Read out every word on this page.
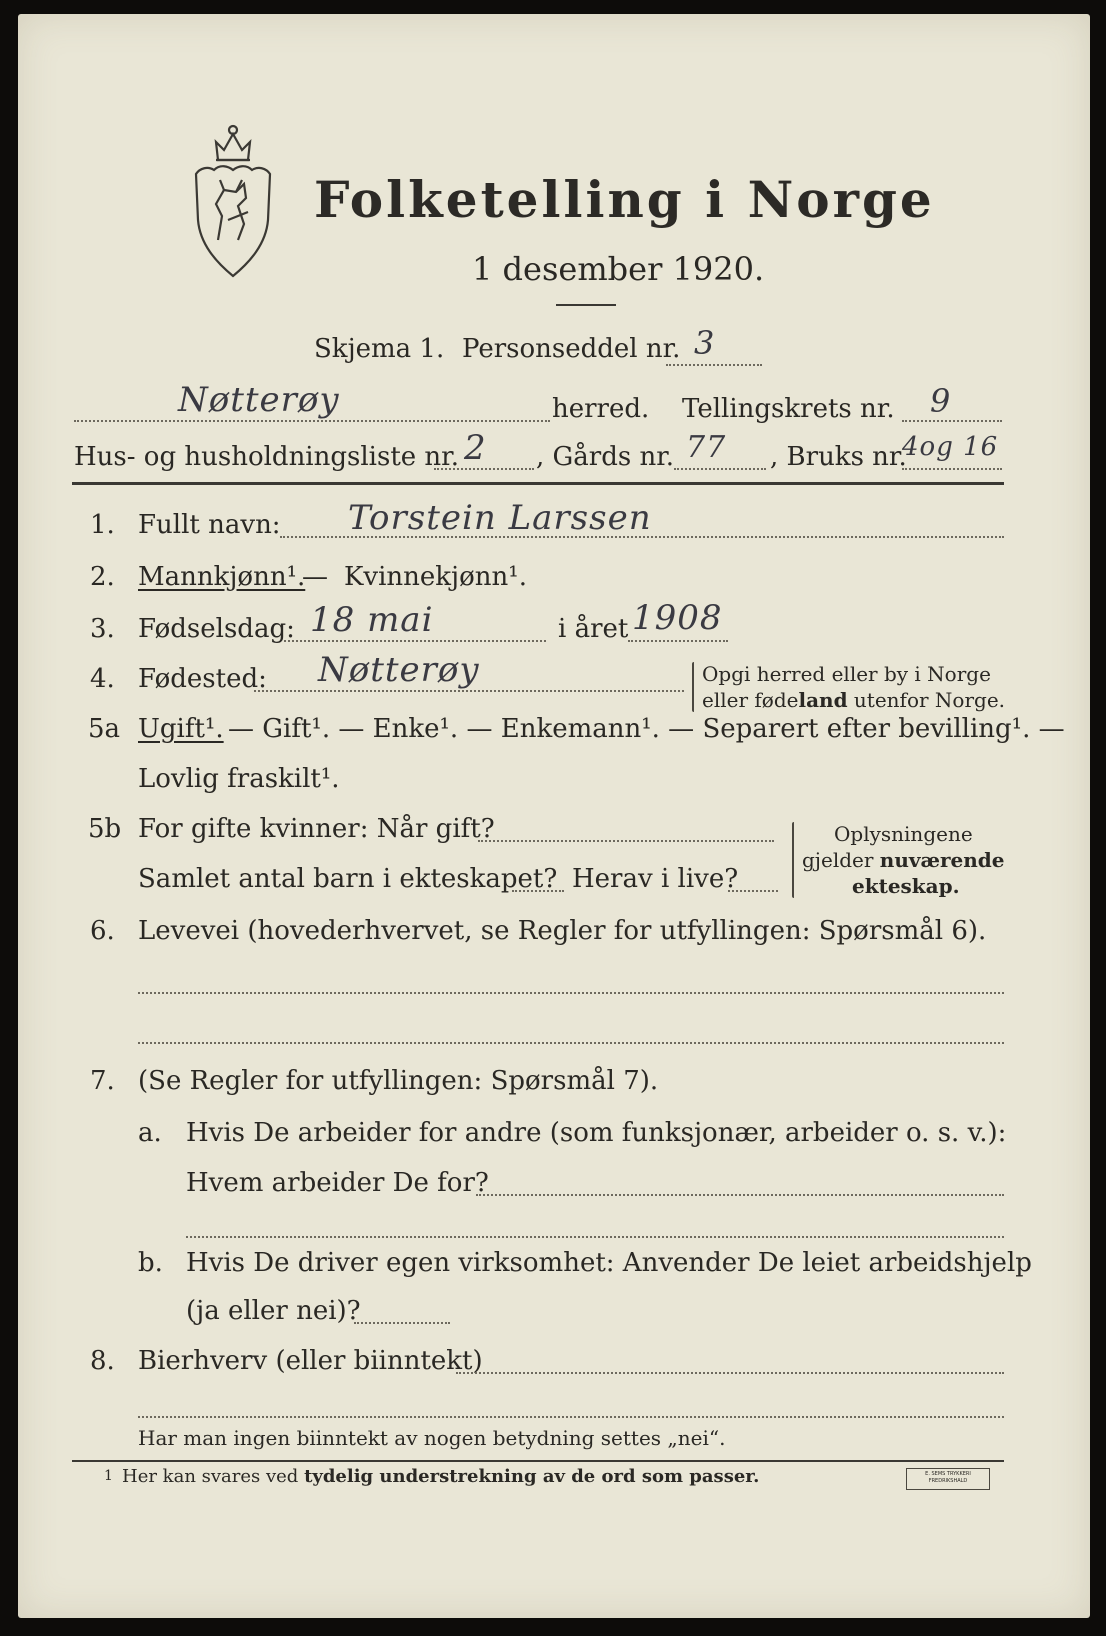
Folketelling i Norge
1 desember 1920.
Skjema 1. Personseddel nr. 3
Nøtterøy	herred. Tellingskrets nr. 9
Hus- og husholdningsliste nr. 2 , Gårds nr. 77 , Bruks nr.
4og 16
1. Fullt navn: Torstein Larssen
2. Mannkjønn¹.
— Kvinnekjønn¹.
3. Fødselsdag: 18 mai	i året 1908
4. Fødested: Nøtterøy	Opgi herred eller by i Norge
eller fødeland utenfor Norge.
5a Ugift¹. — Gift¹. — Enke¹. — Enkemann¹. — Separert efter bevilling¹. —
Lovlig fraskilt¹.
5b For gifte kvinner: Når gift?
Samlet antal barn i ekteskapet? Herav i live?
Oplysningene
gjelder nuværende
ekteskap.
6. Levevei (hovederhvervet, se Regler for utfyllingen: Spørsmål 6).
7. (Se Regler for utfyllingen: Spørsmål 7).
a. Hvis De arbeider for andre (som funksjonær, arbeider o. s. v.):
Hvem arbeider De for?
b. Hvis De driver egen virksomhet: Anvender De leiet arbeidshjelp
(ja eller nei)?
8. Bierhverv (eller biinntekt)
Har man ingen biinntekt av nogen betydning settes „nei“.
1 Her kan svares ved tydelig understrekning av de ord som passer.	E. SEMS TRYKKERI
FREDRIKSHALD
